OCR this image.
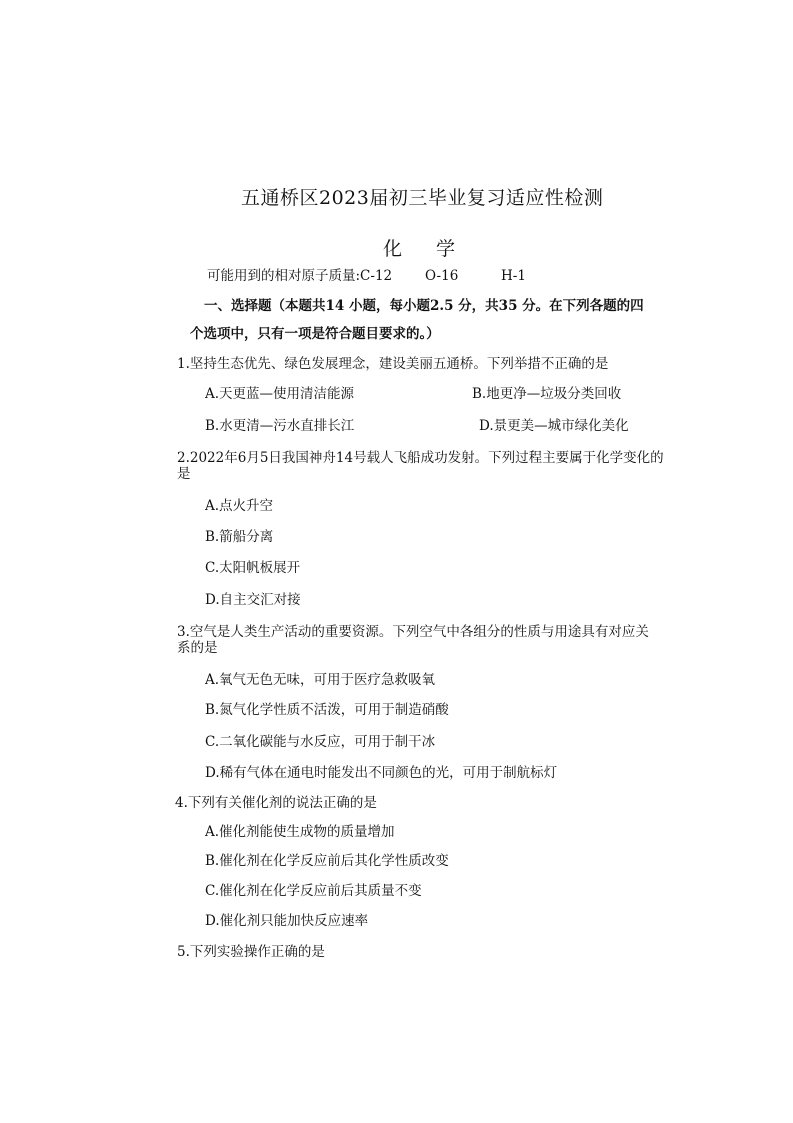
五通桥区2023届初三毕业复习适应性检测
化 学
可能用到的相对原子质量:C-12 O-16	H-1
一、选择题（本题共14 小题，每小题2.5 分，共35 分。在下列各题的四
个选项中，只有一项是符合题目要求的。）
1.坚持生态优先、绿色发展理念，建设美丽五通桥。下列举措不正确的是
A.天更蓝—使用清洁能源	B.地更净—垃圾分类回收
B.水更清—污水直排长江	D.景更美—城市绿化美化
2.2022年6月5日我国神舟14号载人飞船成功发射。下列过程主要属于化学变化的
是
A.点火升空
B.箭船分离
C.太阳帆板展开
D.自主交汇对接
3.空气是人类生产活动的重要资源。下列空气中各组分的性质与用途具有对应关
系的是
A.氧气无色无味，可用于医疗急救吸氧
B.氮气化学性质不活泼，可用于制造硝酸
C.二氧化碳能与水反应，可用于制干冰
D.稀有气体在通电时能发出不同颜色的光，可用于制航标灯
4.下列有关催化剂的说法正确的是
A.催化剂能使生成物的质量增加
B.催化剂在化学反应前后其化学性质改变
C.催化剂在化学反应前后其质量不变
D.催化剂只能加快反应速率
5.下列实验操作正确的是
